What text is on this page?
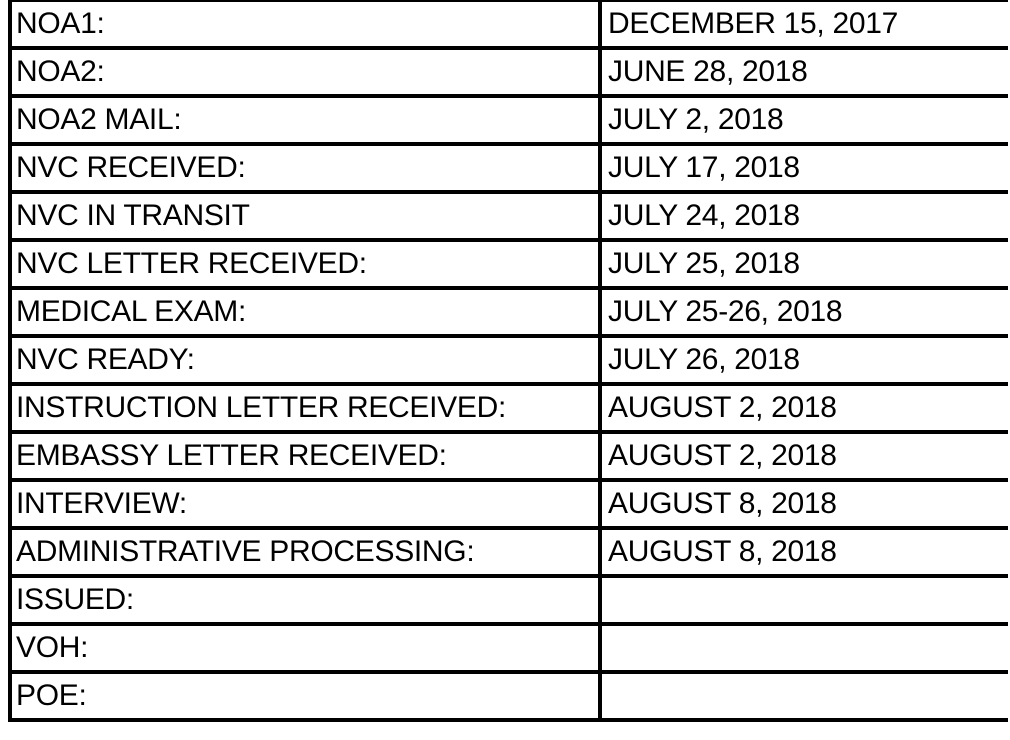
NOA1:	DECEMBER 15, 2017
NOA2:	JUNE 28, 2018
NOA2 MAIL:	JULY 2, 2018
NVC RECEIVED:	JULY 17, 2018
NVC IN TRANSIT	JULY 24, 2018
NVC LETTER RECEIVED:	JULY 25, 2018
MEDICAL EXAM:	JULY 25-26, 2018
NVC READY:	JULY 26, 2018
INSTRUCTION LETTER RECEIVED:	AUGUST 2, 2018
EMBASSY LETTER RECEIVED:	AUGUST 2, 2018
INTERVIEW:	AUGUST 8, 2018
ADMINISTRATIVE PROCESSING:	AUGUST 8, 2018
ISSUED:	
VOH:	
POE:	
